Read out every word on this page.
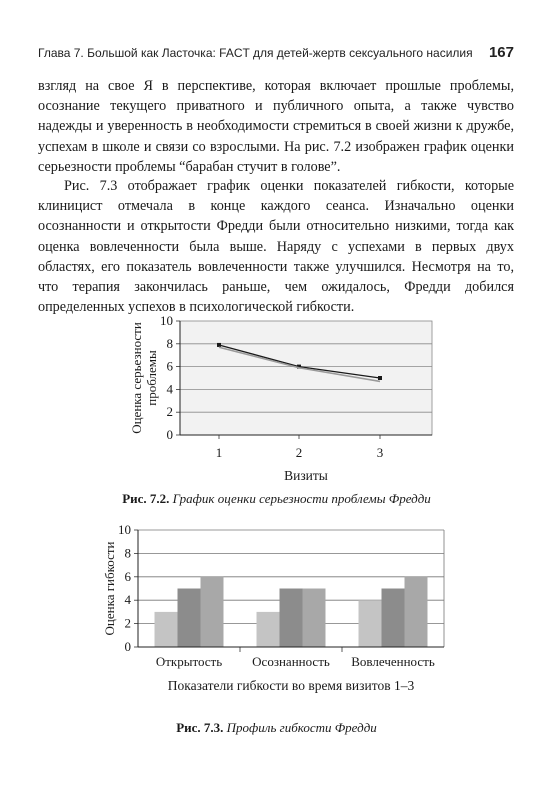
Глава 7. Большой как Ласточка: FACT для детей-жертв сексуального насилия 167

взгляд на свое Я в перспективе, которая включает прошлые проблемы, осознание текущего приватного и публичного опыта, а также чувство надежды и уверенность в необходимости стремиться в своей жизни к дружбе, успехам в школе и связи со взрослыми. На рис. 7.2 изображен график оценки серьезности проблемы “барабан стучит в голове”.

Рис. 7.3 отображает график оценки показателей гибкости, которые клиницист отмечала в конце каждого сеанса. Изначально оценки осознанности и открытости Фредди были относительно низкими, тогда как оценка вовлеченности была выше. Наряду с успехами в первых двух областях, его показатель вовлеченности также улучшился. Несмотря на то, что терапия закончилась раньше, чем ожидалось, Фредди добился определенных успехов в психологической гибкости.

0
2
4
6
8
10
1	2	3
Визиты
Оценка серьезности проблемы
0
2
4
6
8
10
Открытость Осознанность Вовлеченность
Показатели гибкости во время визитов 1–3
Оценка гибкости
Рис. 7.2. График оценки серьезности проблемы Фредди
Рис. 7.3. Профиль гибкости Фредди
